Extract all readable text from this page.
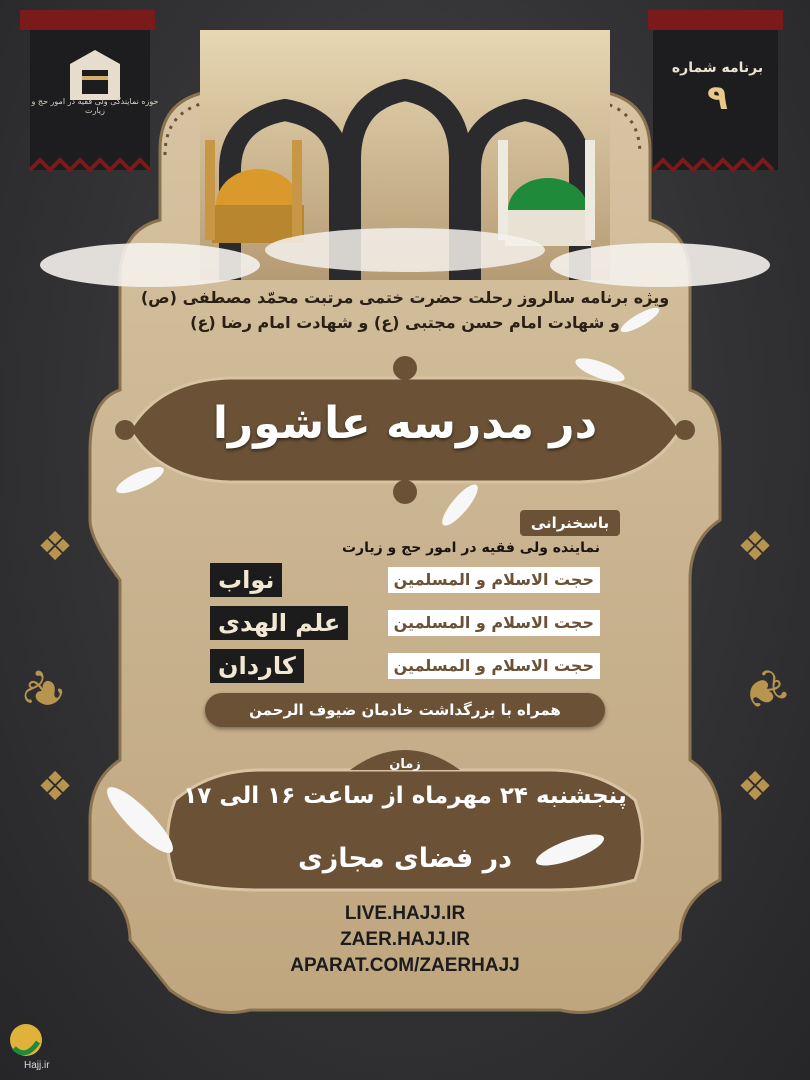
حوزه نمایندگی ولی فقیه در امور حج و زیارت
برنامه شماره
۹
❦	❦
❖	❖
❖	❖
ویژه برنامه سالروز رحلت حضرت ختمی مرتبت محمّد مصطفی (ص)
و شهادت امام حسن مجتبی (ع) و شهادت امام رضا (ع)
در مدرسه عاشورا
باسخنرانی
نماینده ولی فقیه در امور حج و زیارت
نواب	حجت الاسلام و المسلمین
علم الهدی	حجت الاسلام و المسلمین
کاردان	حجت الاسلام و المسلمین
همراه با بزرگداشت خادمان ضیوف الرحمن
زمان
پنجشنبه ۲۴ مهرماه از ساعت ۱۶ الی ۱۷
در فضای مجازی
LIVE.HAJJ.IR
ZAER.HAJJ.IR
APARAT.COM/ZAERHAJJ
Hajj.ir
